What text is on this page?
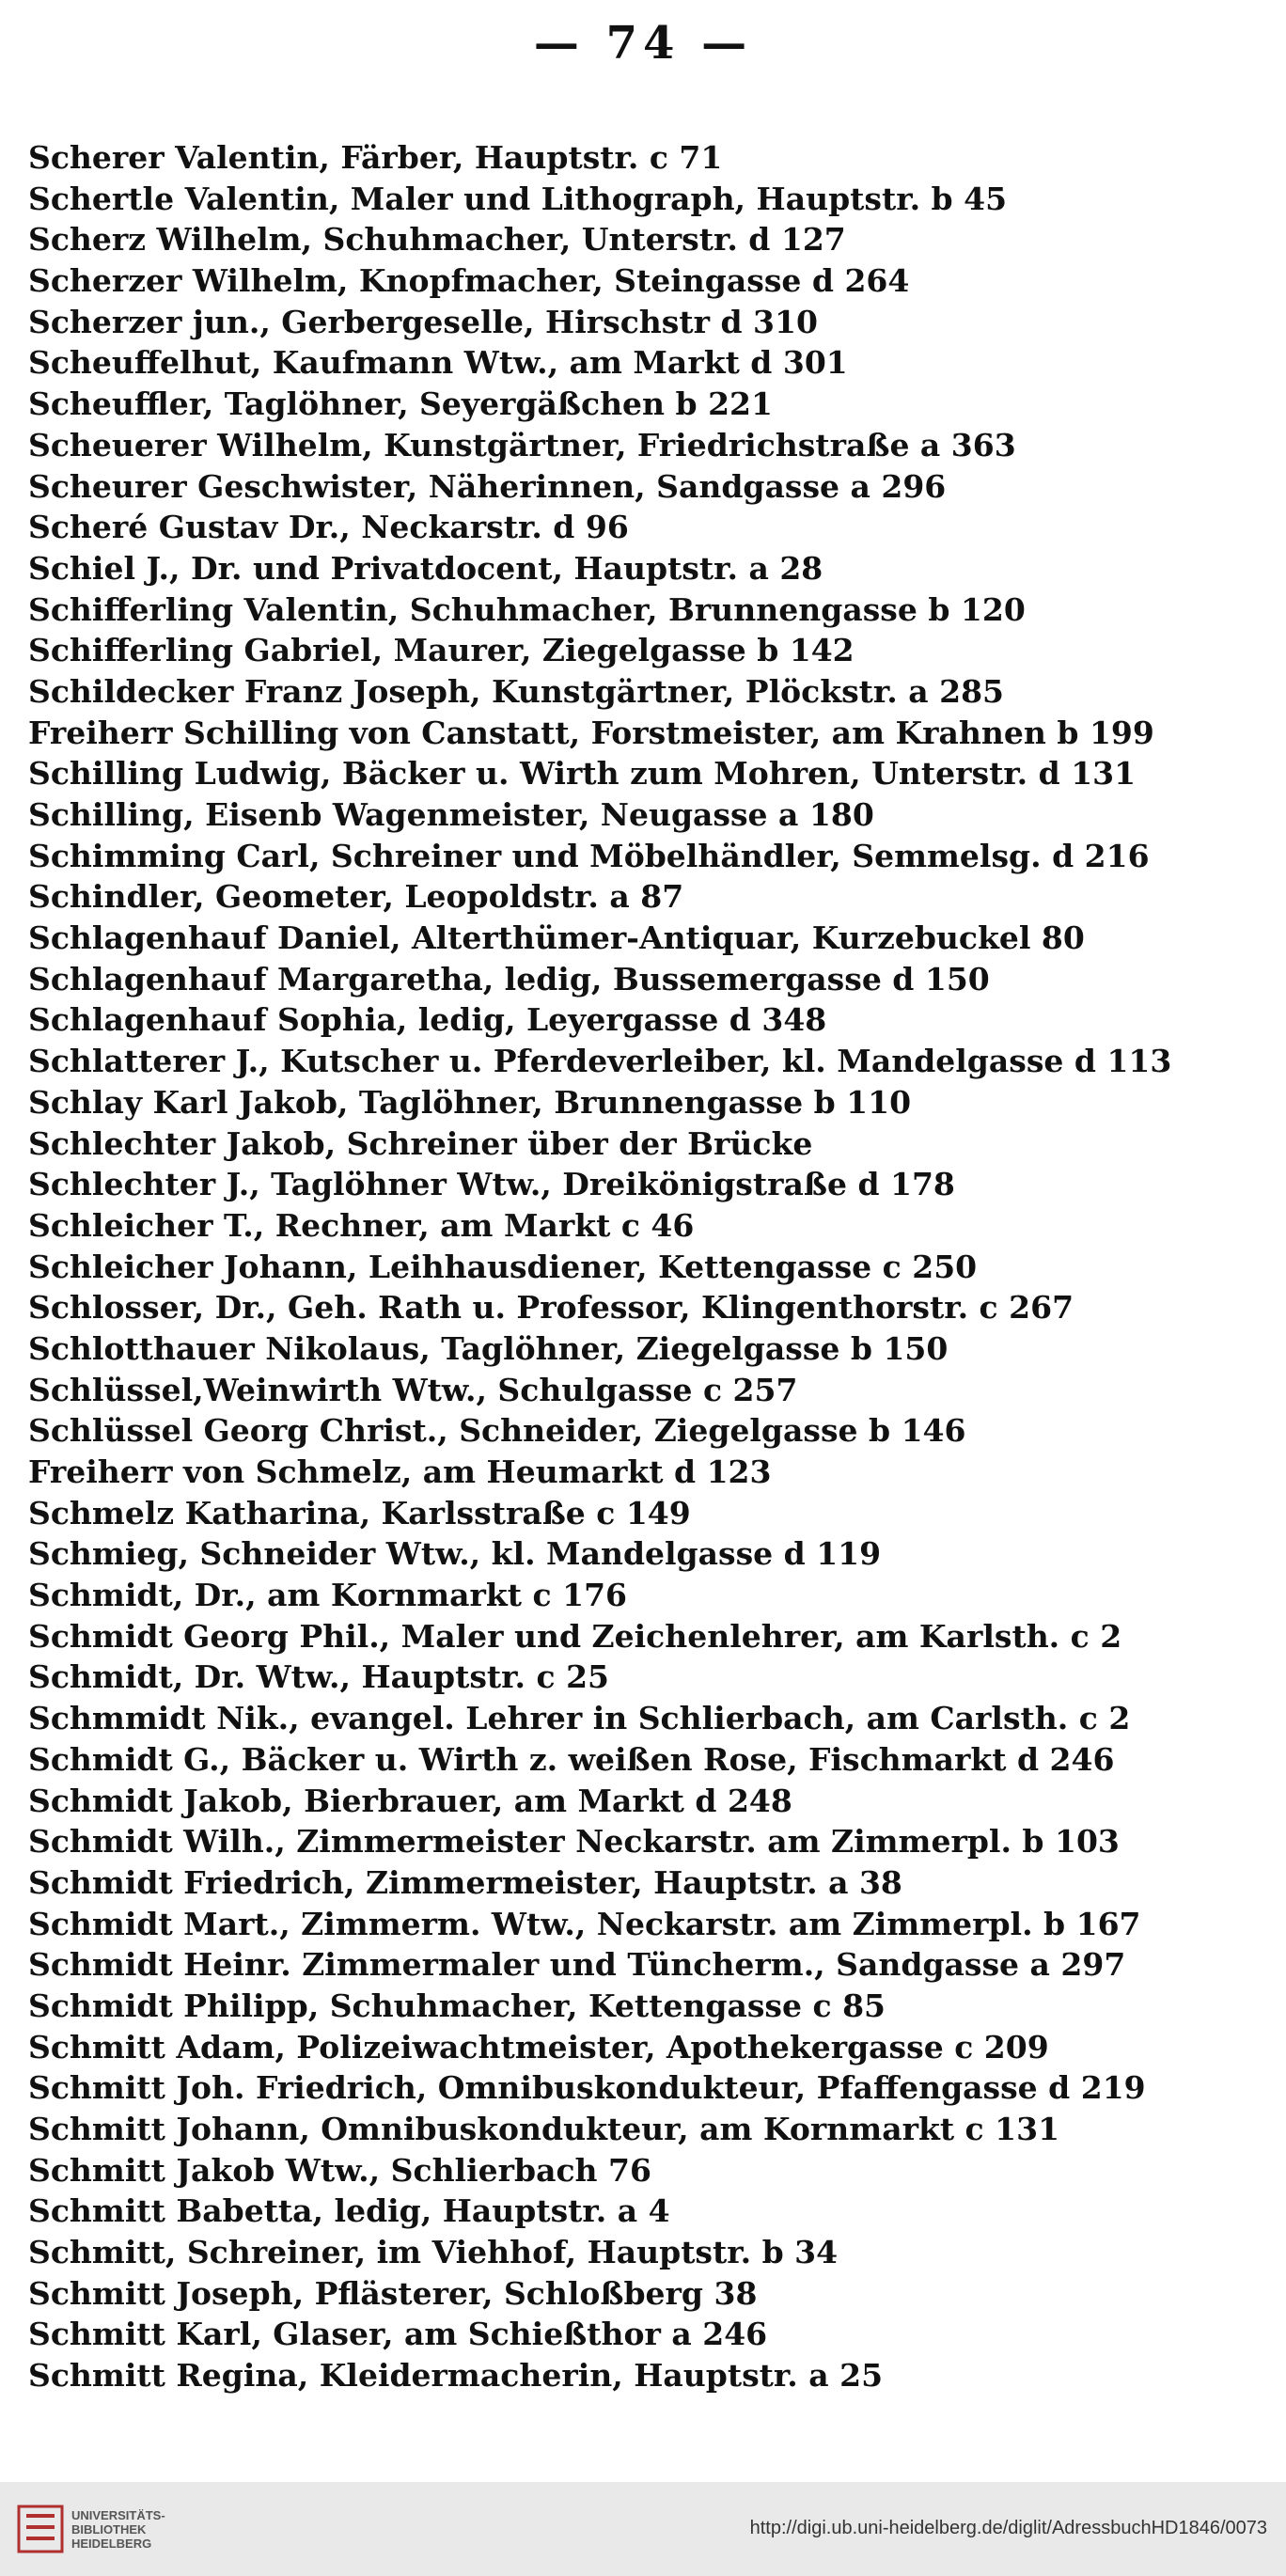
— 74 —
Scherer Valentin, Färber, Hauptstr. c 71
Schertle Valentin, Maler und Lithograph, Hauptstr. b 45
Scherz Wilhelm, Schuhmacher, Unterstr. d 127
Scherzer Wilhelm, Knopfmacher, Steingasse d 264
Scherzer jun., Gerbergeselle, Hirschstr d 310
Scheuffelhut, Kaufmann Wtw., am Markt d 301
Scheuffler, Taglöhner, Seyergäßchen b 221
Scheuerer Wilhelm, Kunstgärtner, Friedrichstraße a 363
Scheurer Geschwister, Näherinnen, Sandgasse a 296
Scheré Gustav Dr., Neckarstr. d 96
Schiel J., Dr. und Privatdocent, Hauptstr. a 28
Schifferling Valentin, Schuhmacher, Brunnengasse b 120
Schifferling Gabriel, Maurer, Ziegelgasse b 142
Schildecker Franz Joseph, Kunstgärtner, Plöckstr. a 285
Freiherr Schilling von Canstatt, Forstmeister, am Krahnen b 199
Schilling Ludwig, Bäcker u. Wirth zum Mohren, Unterstr. d 131
Schilling, Eisenb Wagenmeister, Neugasse a 180
Schimming Carl, Schreiner und Möbelhändler, Semmelsg. d 216
Schindler, Geometer, Leopoldstr. a 87
Schlagenhauf Daniel, Alterthümer-Antiquar, Kurzebuckel 80
Schlagenhauf Margaretha, ledig, Bussemergasse d 150
Schlagenhauf Sophia, ledig, Leyergasse d 348
Schlatterer J., Kutscher u. Pferdeverleiber, kl. Mandelgasse d 113
Schlay Karl Jakob, Taglöhner, Brunnengasse b 110
Schlechter Jakob, Schreiner über der Brücke
Schlechter J., Taglöhner Wtw., Dreikönigstraße d 178
Schleicher T., Rechner, am Markt c 46
Schleicher Johann, Leihhausdiener, Kettengasse c 250
Schlosser, Dr., Geh. Rath u. Professor, Klingenthorstr. c 267
Schlotthauer Nikolaus, Taglöhner, Ziegelgasse b 150
Schlüssel,Weinwirth Wtw., Schulgasse c 257
Schlüssel Georg Christ., Schneider, Ziegelgasse b 146
Freiherr von Schmelz, am Heumarkt d 123
Schmelz Katharina, Karlsstraße c 149
Schmieg, Schneider Wtw., kl. Mandelgasse d 119
Schmidt, Dr., am Kornmarkt c 176
Schmidt Georg Phil., Maler und Zeichenlehrer, am Karlsth. c 2
Schmidt, Dr. Wtw., Hauptstr. c 25
Schmmidt Nik., evangel. Lehrer in Schlierbach, am Carlsth. c 2
Schmidt G., Bäcker u. Wirth z. weißen Rose, Fischmarkt d 246
Schmidt Jakob, Bierbrauer, am Markt d 248
Schmidt Wilh., Zimmermeister Neckarstr. am Zimmerpl. b 103
Schmidt Friedrich, Zimmermeister, Hauptstr. a 38
Schmidt Mart., Zimmerm. Wtw., Neckarstr. am Zimmerpl. b 167
Schmidt Heinr. Zimmermaler und Tüncherm., Sandgasse a 297
Schmidt Philipp, Schuhmacher, Kettengasse c 85
Schmitt Adam, Polizeiwachtmeister, Apothekergasse c 209
Schmitt Joh. Friedrich, Omnibuskondukteur, Pfaffengasse d 219
Schmitt Johann, Omnibuskondukteur, am Kornmarkt c 131
Schmitt Jakob Wtw., Schlierbach 76
Schmitt Babetta, ledig, Hauptstr. a 4
Schmitt, Schreiner, im Viehhof, Hauptstr. b 34
Schmitt Joseph, Pflästerer, Schloßberg 38
Schmitt Karl, Glaser, am Schießthor a 246
Schmitt Regina, Kleidermacherin, Hauptstr. a 25
UNIVERSITÄTS-
BIBLIOTHEK
HEIDELBERG
http://digi.ub.uni-heidelberg.de/diglit/AdressbuchHD1846/0073
